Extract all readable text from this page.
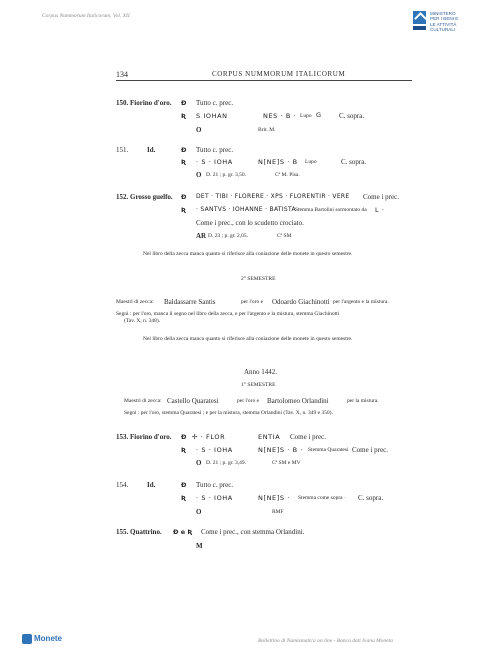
Corpus Nummorum Italicorum, Vol. XII	MINISTERO
PER I BENI E
LE ATTIVITÀ
CULTURALI
134	CORPUS NUMMORUM ITALICORUM
150. Fiorino d'oro. Ð Tutto c. prec.
Ʀ S IOHAN	NES · B · Lupo G C. sopra.
O	Brit. M.
151.	Id.	Ð Tutto c. prec.
Ʀ · S · IOHA	N[NE]S · B Lupo	C. sopra.
O D. 21 ; p. gr. 3,50.	Cª M. Pisa.
152. Grosso guelfo. Ð DET · TIBI · FLORERE · XPS · FLORENTIR · VERE Come i prec.
Ʀ · SANTVS · IOHANNE · BATISTA ·
Stemma Bartolini sormontato da L ·
Come i prec., con lo scudetto crociato.
AR D. 23 ; p. gr. 2,05.	Cª SM
Nel libro della zecca manca quanto si riferisce alla coniazione delle monete in questo semestre.
2° SEMESTRE
Maestri di zecca: Baldassarre Santis	per l'oro e Odoardo Giachinotti per l'argento e la mistura.
Segni : per l'oro, manca il segno nel libro della zecca, e per l'argento e la mistura, stemma Giachinotti
(Tav. X, n. 348).
Nel libro della zecca manca quanto si riferisce alla coniazione delle monete in questo semestre.
Anno 1442.
1° SEMESTRE
Maestri di zecca: Castello Quaratesi	per l'oro e Bartolomeo Orlandini	per la mistura.
Segni : per l'oro, stemma Quaratesi ; e per la mistura, stemma Orlandini (Tav. X, n. 349 e 350).
153. Fiorino d'oro. Ð ✢ · FLOR	ENTIA Come i prec.
Ʀ · S · IOHA	N[NE]S · B · Stemma Quaratesi Come i prec.
O D. 21 ; p. gr. 3,49.	Cª SM e MV
154.	Id.	Ð Tutto c. prec.
Ʀ · S · IOHA	N[NE]S · Stemma come sopra · C. sopra.
O	RMF
155. Quattrino. Ð e Ʀ Come i prec., con stemma Orlandini.
M
Monete	Bollettino di Numismatica on line - Banca dati Ivana Moneta
